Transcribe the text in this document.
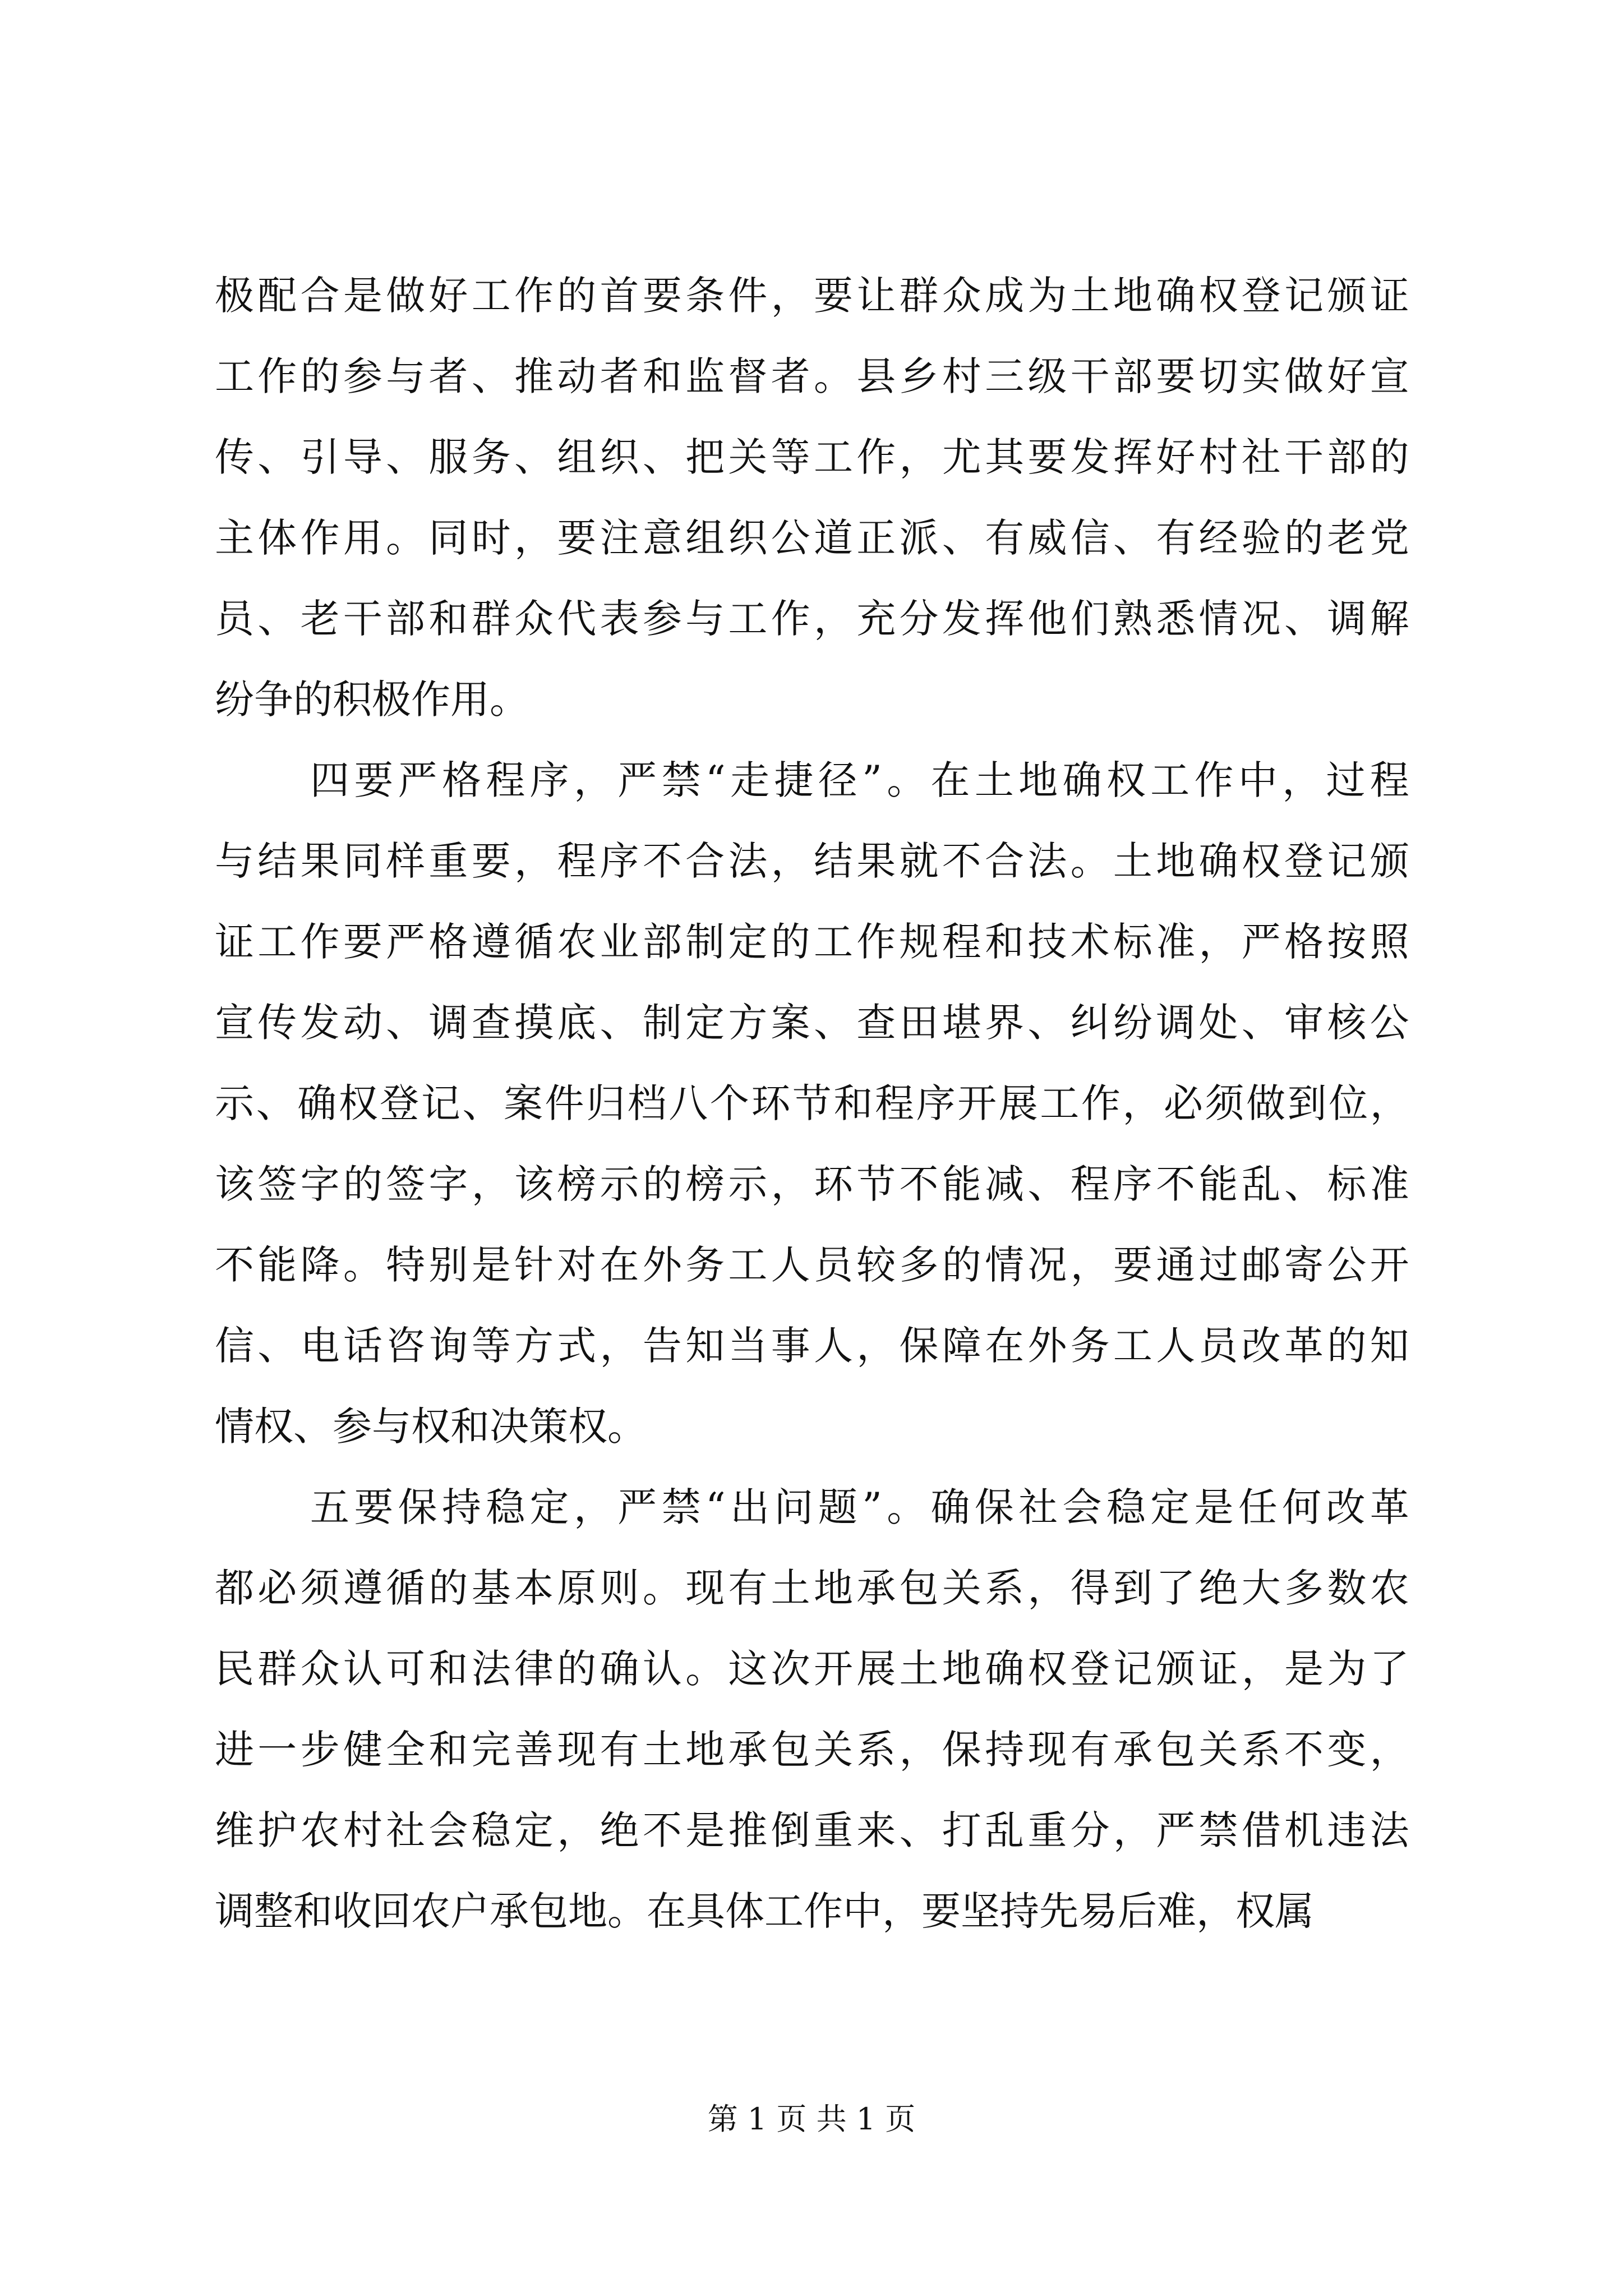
极 配 合 是 做 好 工 作 的 首 要 条 件 ， 要 让 群 众 成 为 土 地 确 权 登 记 颁 证
工 作 的 参 与 者 、 推 动 者 和 监 督 者 。 县 乡 村 三 级 干 部 要 切 实 做 好 宣
传 、 引 导 、 服 务 、 组 织 、 把 关 等 工 作 ， 尤 其 要 发 挥 好 村 社 干 部 的
主 体 作 用 。 同 时 ， 要 注 意 组 织 公 道 正 派 、 有 威 信 、 有 经 验 的 老 党
员 、 老 干 部 和 群 众 代 表 参 与 工 作 ， 充 分 发 挥 他 们 熟 悉 情 况 、 调 解
纷争的积极作用。
四 要 严 格 程 序 ， 严 禁 “ 走 捷 径 ” 。 在 土 地 确 权 工 作 中 ， 过 程
与 结 果 同 样 重 要 ， 程 序 不 合 法 ， 结 果 就 不 合 法 。 土 地 确 权 登 记 颁
证 工 作 要 严 格 遵 循 农 业 部 制 定 的 工 作 规 程 和 技 术 标 准 ， 严 格 按 照
宣 传 发 动 、 调 查 摸 底 、 制 定 方 案 、 查 田 堪 界 、 纠 纷 调 处 、 审 核 公
示 、 确 权 登 记 、 案 件 归 档 八 个 环 节 和 程 序 开 展 工 作 ， 必 须 做 到 位 ，
该 签 字 的 签 字 ， 该 榜 示 的 榜 示 ， 环 节 不 能 减 、 程 序 不 能 乱 、 标 准
不 能 降 。 特 别 是 针 对 在 外 务 工 人 员 较 多 的 情 况 ， 要 通 过 邮 寄 公 开
信 、 电 话 咨 询 等 方 式 ， 告 知 当 事 人 ， 保 障 在 外 务 工 人 员 改 革 的 知
情权、参与权和决策权。
五 要 保 持 稳 定 ， 严 禁 “ 出 问 题 ” 。 确 保 社 会 稳 定 是 任 何 改 革
都 必 须 遵 循 的 基 本 原 则 。 现 有 土 地 承 包 关 系 ， 得 到 了 绝 大 多 数 农
民 群 众 认 可 和 法 律 的 确 认 。 这 次 开 展 土 地 确 权 登 记 颁 证 ， 是 为 了
进 一 步 健 全 和 完 善 现 有 土 地 承 包 关 系 ， 保 持 现 有 承 包 关 系 不 变 ，
维 护 农 村 社 会 稳 定 ， 绝 不 是 推 倒 重 来 、 打 乱 重 分 ， 严 禁 借 机 违 法
调整和收回农户承包地。在具体工作中，要坚持先易后难，权属
第 1 页 共 1 页
